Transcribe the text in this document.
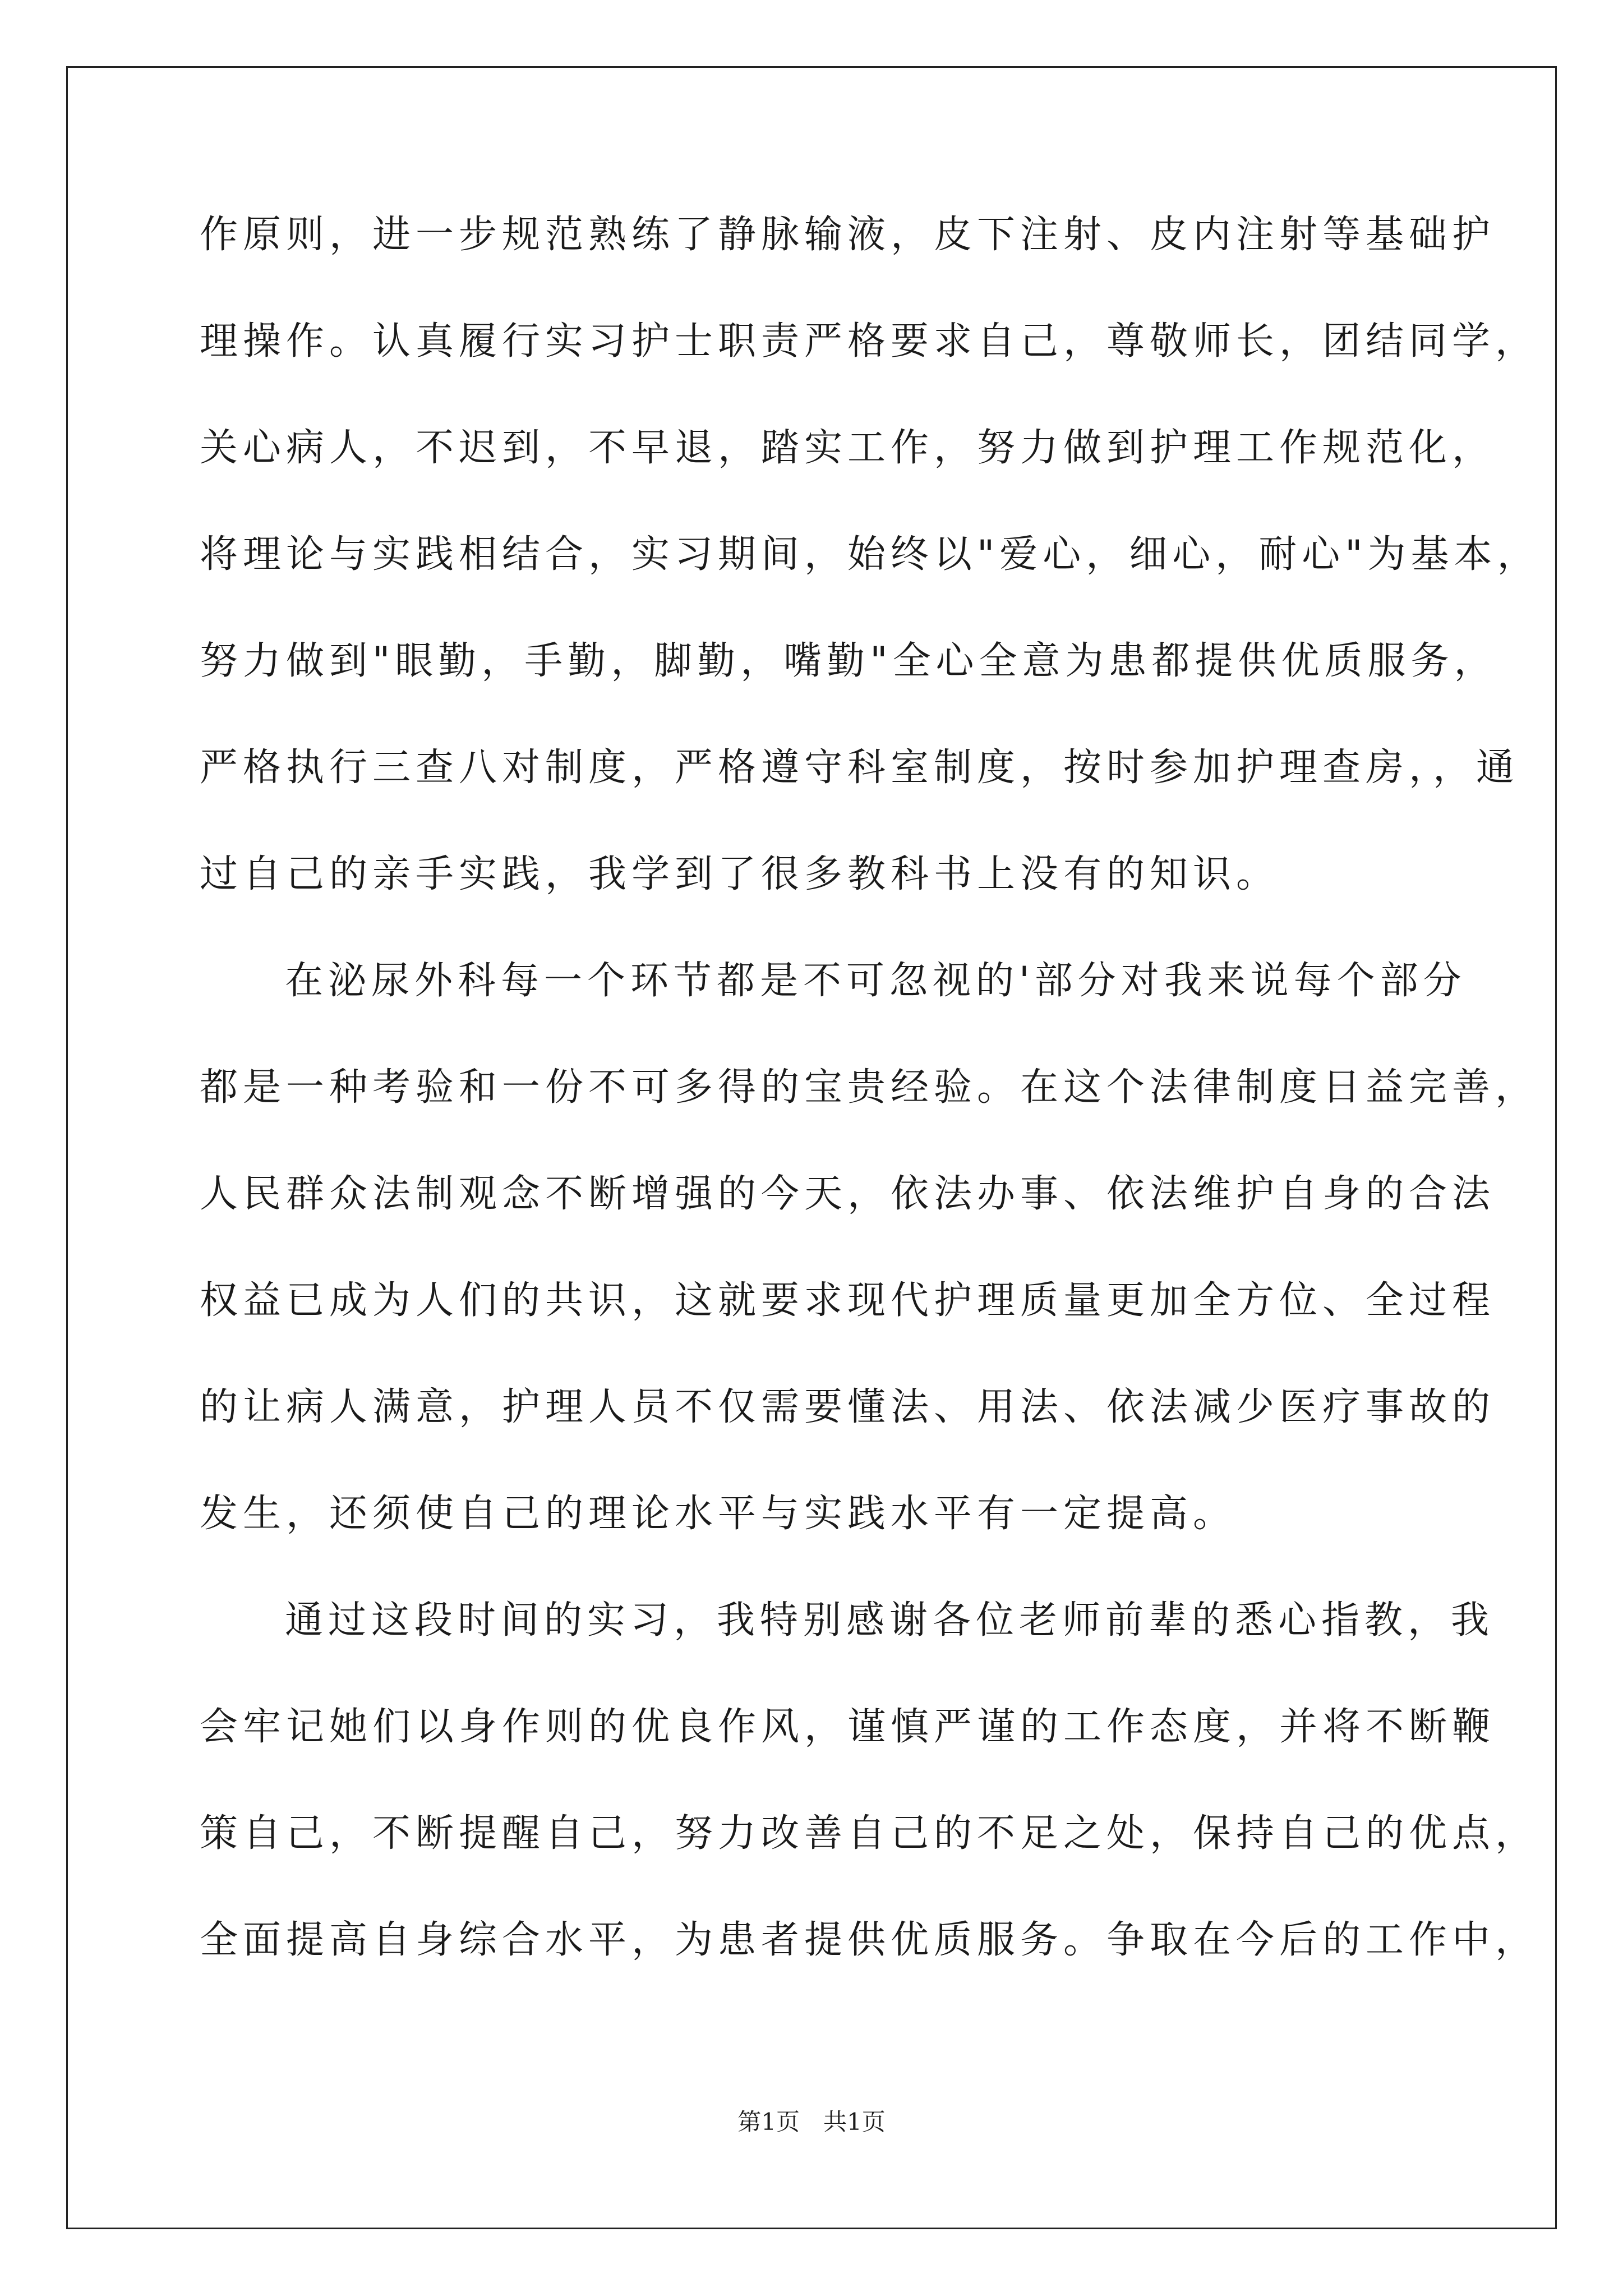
作原则，进一步规范熟练了静脉输液，皮下注射、皮内注射等基础护
理操作。认真履行实习护士职责严格要求自己，尊敬师长，团结同学，
关心病人，不迟到，不早退，踏实工作，努力做到护理工作规范化，
将理论与实践相结合，实习期间，始终以"爱心，细心，耐心"为基本，
努力做到"眼勤，手勤，脚勤，嘴勤"全心全意为患都提供优质服务，
严格执行三查八对制度，严格遵守科室制度，按时参加护理查房，，通
过自己的亲手实践，我学到了很多教科书上没有的知识。
在泌尿外科每一个环节都是不可忽视的'部分对我来说每个部分
都是一种考验和一份不可多得的宝贵经验。在这个法律制度日益完善，
人民群众法制观念不断增强的今天，依法办事、依法维护自身的合法
权益已成为人们的共识，这就要求现代护理质量更加全方位、全过程
的让病人满意，护理人员不仅需要懂法、用法、依法减少医疗事故的
发生，还须使自己的理论水平与实践水平有一定提高。
通过这段时间的实习，我特别感谢各位老师前辈的悉心指教，我
会牢记她们以身作则的优良作风，谨慎严谨的工作态度，并将不断鞭
策自己，不断提醒自己，努力改善自己的不足之处，保持自己的优点，
全面提高自身综合水平，为患者提供优质服务。争取在今后的工作中，
第1页　共1页
